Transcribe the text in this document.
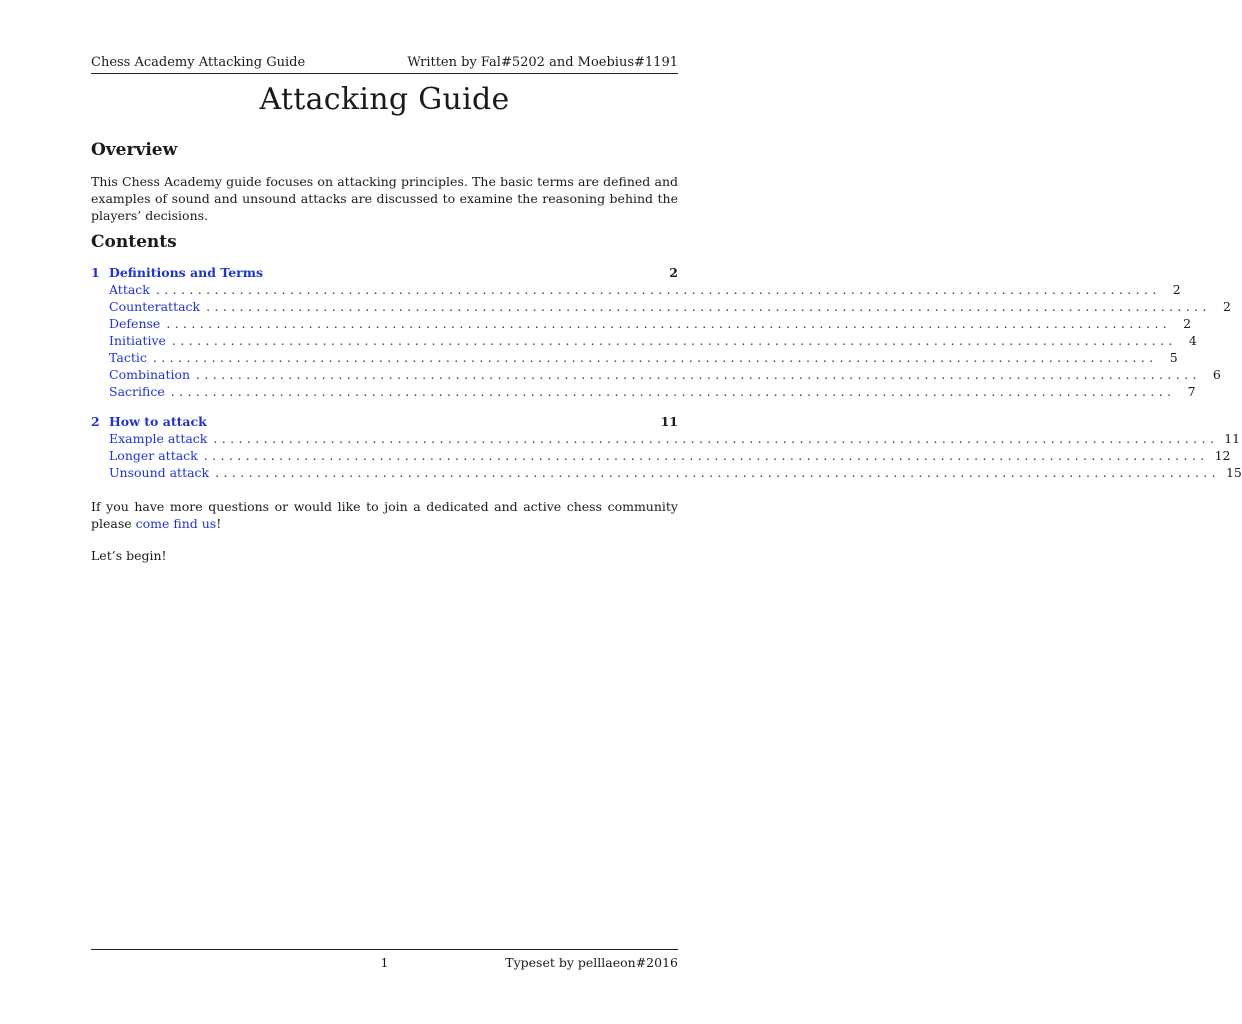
Chess Academy Attacking Guide	Written by Fal#5202 and Moebius#1191
Attacking Guide
Overview

This Chess Academy guide focuses on attacking principles. The basic terms are defined and examples of sound and unsound attacks are discussed to examine the reasoning behind the players’ decisions.

Contents
1 Definitions and Terms	2
Attack ........................................................................................................................ 2
Counterattack ........................................................................................................................ 2
Defense ........................................................................................................................ 2
Initiative ........................................................................................................................ 4
Tactic ........................................................................................................................ 5
Combination ........................................................................................................................ 6
Sacrifice ........................................................................................................................ 7
2 How to attack	11
Example attack ........................................................................................................................ 11
Longer attack ........................................................................................................................ 12
Unsound attack ........................................................................................................................ 15

If you have more questions or would like to join a dedicated and active chess community please come find us!

Let’s begin!

1	Typeset by pelllaeon#2016
